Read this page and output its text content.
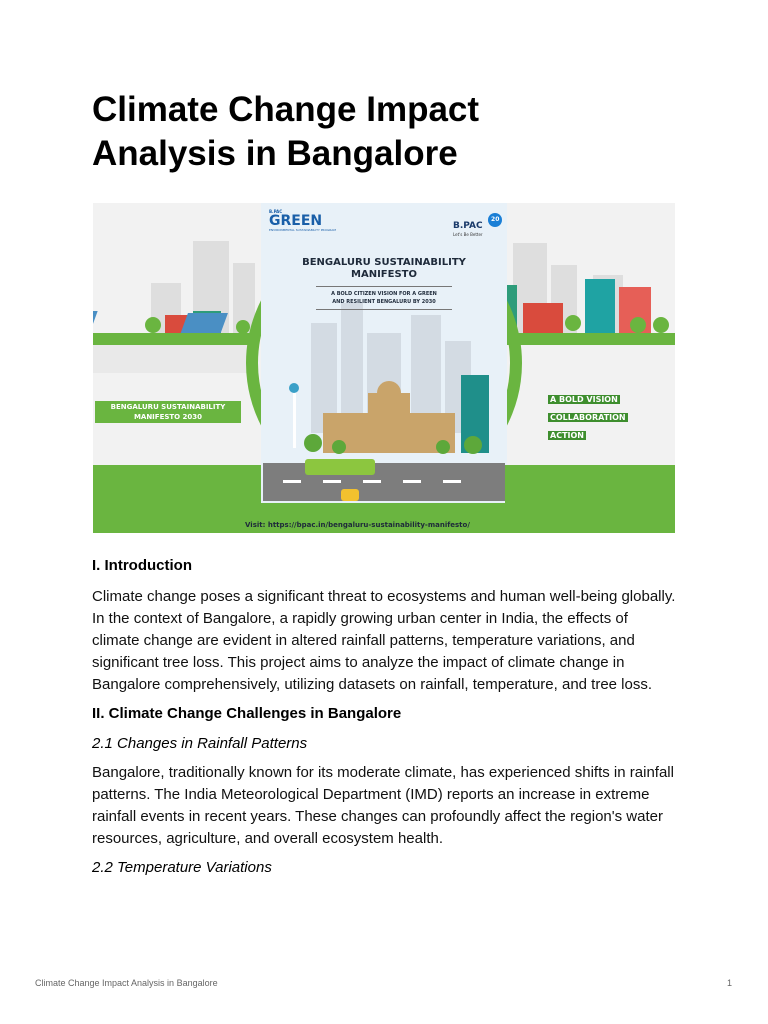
Climate Change Impact
Analysis in Bangalore
B.PAC
GREEN
ENVIRONMENTAL SUSTAINABILITY PROGRAM	B.PAC 20
Let's Be Better
BENGALURU SUSTAINABILITY
MANIFESTO
A BOLD CITIZEN VISION FOR A GREEN
AND RESILIENT BENGALURU BY 2030
BENGALURU SUSTAINABILITY
MANIFESTO 2030
A BOLD VISION
COLLABORATION
ACTION
Visit: https://bpac.in/bengaluru-sustainability-manifesto/
I. Introduction

Climate change poses a significant threat to ecosystems and human well-being globally. In the context of Bangalore, a rapidly growing urban center in India, the effects of climate change are evident in altered rainfall patterns, temperature variations, and significant tree loss. This project aims to analyze the impact of climate change in Bangalore comprehensively, utilizing datasets on rainfall, temperature, and tree loss.

II. Climate Change Challenges in Bangalore
2.1 Changes in Rainfall Patterns

Bangalore, traditionally known for its moderate climate, has experienced shifts in rainfall patterns. The India Meteorological Department (IMD) reports an increase in extreme rainfall events in recent years. These changes can profoundly affect the region's water resources, agriculture, and overall ecosystem health.

2.2 Temperature Variations
Climate Change Impact Analysis in Bangalore	1
